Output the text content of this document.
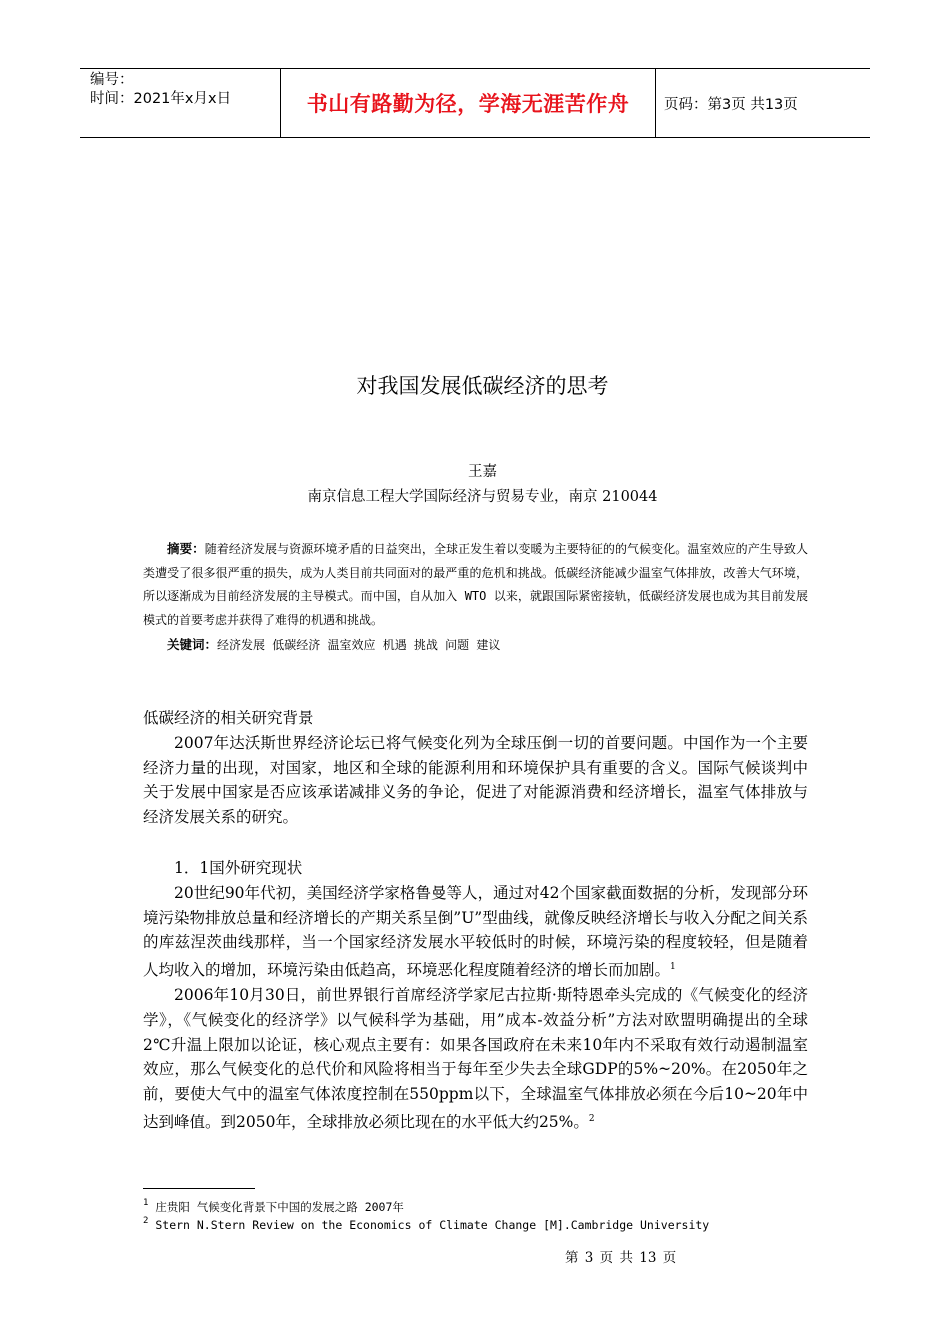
编号：
时间：2021年x月x日	书山有路勤为径，学海无涯苦作舟	页码：第3页 共13页
对我国发展低碳经济的思考
王嘉
南京信息工程大学国际经济与贸易专业，南京 210044

摘要：随着经济发展与资源环境矛盾的日益突出，全球正发生着以变暖为主要特征的的气候变化。温室效应的产生导致人类遭受了很多很严重的损失，成为人类目前共同面对的最严重的危机和挑战。低碳经济能减少温室气体排放，改善大气环境，所以逐渐成为目前经济发展的主导模式。而中国，自从加入 WTO 以来，就跟国际紧密接轨，低碳经济发展也成为其目前发展模式的首要考虑并获得了难得的机遇和挑战。

关键词：经济发展 低碳经济 温室效应 机遇 挑战 问题 建议

低碳经济的相关研究背景

2007年达沃斯世界经济论坛已将气候变化列为全球压倒一切的首要问题。中国作为一个主要经济力量的出现，对国家，地区和全球的能源利用和环境保护具有重要的含义。国际气候谈判中关于发展中国家是否应该承诺减排义务的争论，促进了对能源消费和经济增长，温室气体排放与经济发展关系的研究。

1．1国外研究现状

20世纪90年代初，美国经济学家格鲁曼等人，通过对42个国家截面数据的分析，发现部分环境污染物排放总量和经济增长的产期关系呈倒”U”型曲线，就像反映经济增长与收入分配之间关系的库兹涅茨曲线那样，当一个国家经济发展水平较低时的时候，环境污染的程度较轻，但是随着人均收入的增加，环境污染由低趋高，环境恶化程度随着经济的增长而加剧。$^1$

2006年10月30日，前世界银行首席经济学家尼古拉斯·斯特恩牵头完成的《气候变化的经济学》，《气候变化的经济学》以气候科学为基础，用”成本-效益分析”方法对欧盟明确提出的全球2℃升温上限加以论证，核心观点主要有：如果各国政府在未来10年内不采取有效行动遏制温室效应，那么气候变化的总代价和风险将相当于每年至少失去全球GDP的5%~20%。在2050年之前，要使大气中的温室气体浓度控制在550ppm以下，全球温室气体排放必须在今后10~20年中达到峰值。到2050年，全球排放必须比现在的水平低大约25%。$^2$

$^1$ 庄贵阳 气候变化背景下中国的发展之路 2007年
$^2$ Stern N.Stern Review on the Economics of Climate Change [M].Cambridge University
第 3 页 共 13 页
